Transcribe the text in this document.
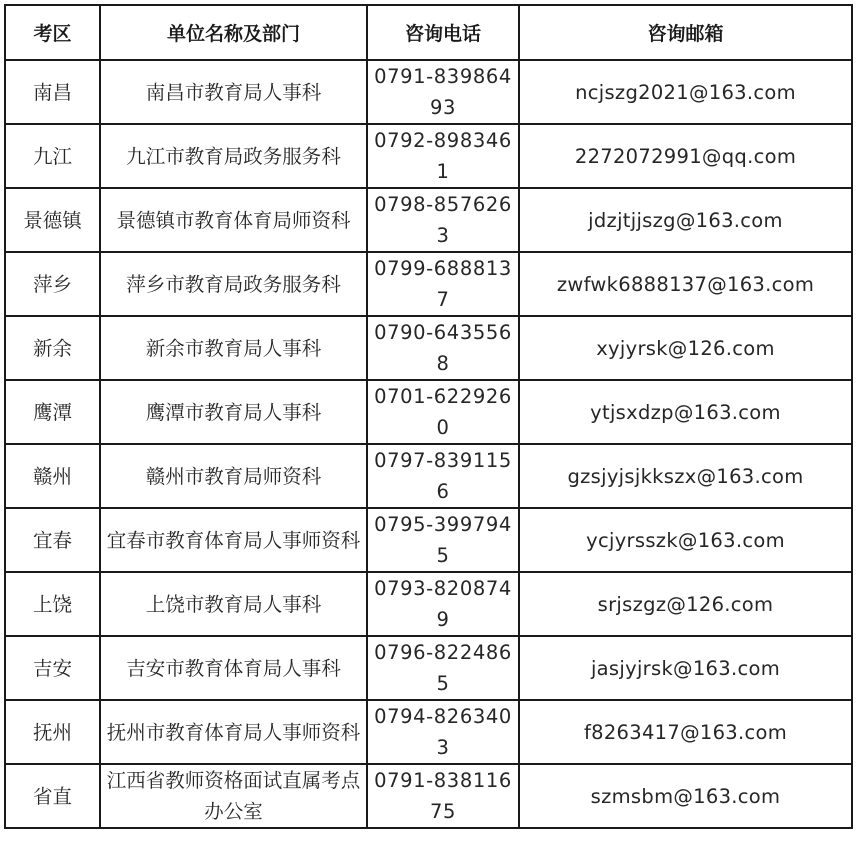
考区	单位名称及部门	咨询电话	咨询邮箱
南昌	南昌市教育局人事科	0791-83986493	ncjszg2021@163.com
九江	九江市教育局政务服务科	0792-8983461	2272072991@qq.com
景德镇	景德镇市教育体育局师资科	0798-8576263	jdzjtjjszg@163.com
萍乡	萍乡市教育局政务服务科	0799-6888137	zwfwk6888137@163.com
新余	新余市教育局人事科	0790-6435568	xyjyrsk@126.com
鹰潭	鹰潭市教育局人事科	0701-6229260	ytjsxdzp@163.com
赣州	赣州市教育局师资科	0797-8391156	gzsjyjsjkkszx@163.com
宜春	宜春市教育体育局人事师资科	0795-3997945	ycjyrsszk@163.com
上饶	上饶市教育局人事科	0793-8208749	srjszgz@126.com
吉安	吉安市教育体育局人事科	0796-8224865	jasjyjrsk@163.com
抚州	抚州市教育体育局人事师资科	0794-8263403	f8263417@163.com
省直	江西省教师资格面试直属考点办公室	0791-83811675	szmsbm@163.com
